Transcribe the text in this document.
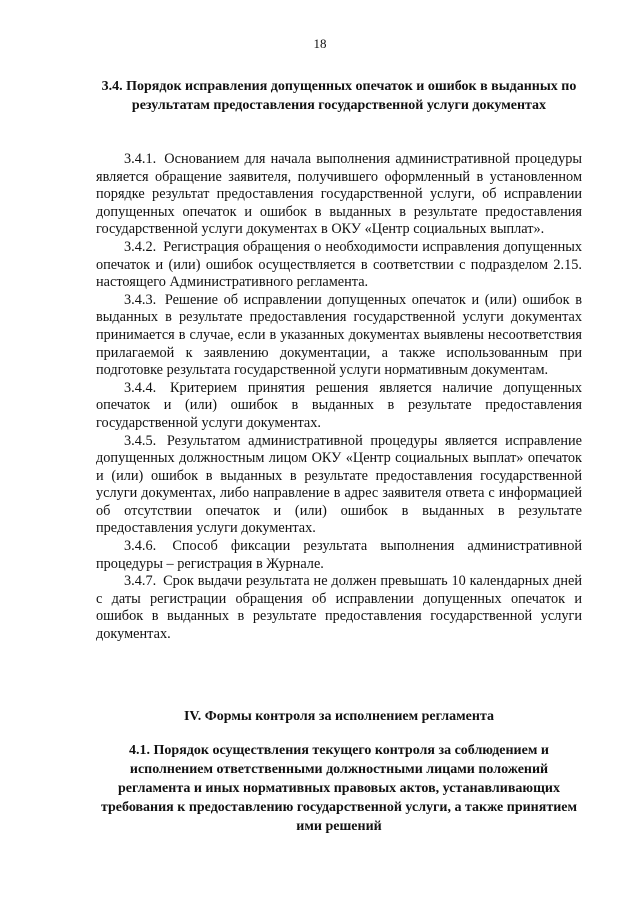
18
3.4. Порядок исправления допущенных опечаток и ошибок в выданных по результатам предоставления государственной услуги документах

3.4.1. Основанием для начала выполнения административной процедуры является обращение заявителя, получившего оформленный в установленном порядке результат предоставления государственной услуги, об исправлении допущенных опечаток и ошибок в выданных в результате предоставления государственной услуги документах в ОКУ «Центр социальных выплат».

3.4.2. Регистрация обращения о необходимости исправления допущенных опечаток и (или) ошибок осуществляется в соответствии с подразделом 2.15. настоящего Административного регламента.

3.4.3. Решение об исправлении допущенных опечаток и (или) ошибок в выданных в результате предоставления государственной услуги документах принимается в случае, если в указанных документах выявлены несоответствия прилагаемой к заявлению документации, а также использованным при подготовке результата государственной услуги нормативным документам.

3.4.4. Критерием принятия решения является наличие допущенных опечаток и (или) ошибок в выданных в результате предоставления государственной услуги документах.

3.4.5. Результатом административной процедуры является исправление допущенных должностным лицом ОКУ «Центр социальных выплат» опечаток и (или) ошибок в выданных в результате предоставления государственной услуги документах, либо направление в адрес заявителя ответа с информацией об отсутствии опечаток и (или) ошибок в выданных в результате предоставления услуги документах.

3.4.6. Способ фиксации результата выполнения административной процедуры – регистрация в Журнале.

3.4.7. Срок выдачи результата не должен превышать 10 календарных дней с даты регистрации обращения об исправлении допущенных опечаток и ошибок в выданных в результате предоставления государственной услуги документах.

IV. Формы контроля за исполнением регламента
4.1. Порядок осуществления текущего контроля за соблюдением и исполнением ответственными должностными лицами положений регламента и иных нормативных правовых актов, устанавливающих требования к предоставлению государственной услуги, а также принятием ими решений
